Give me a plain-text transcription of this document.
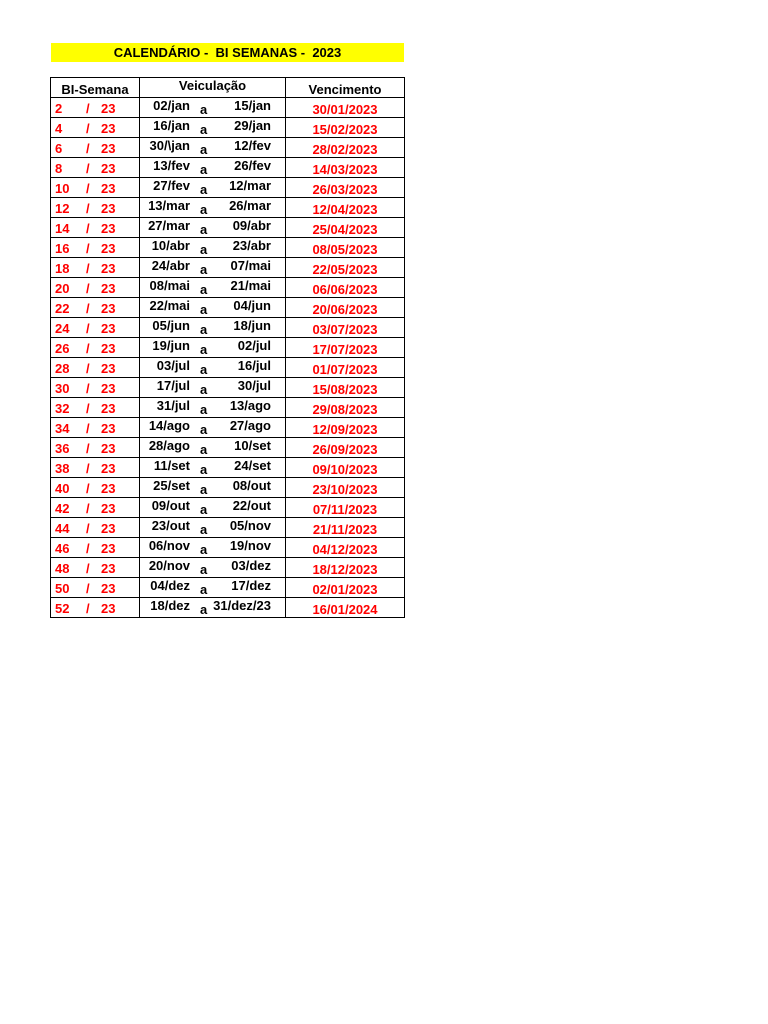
CALENDÁRIO -  BI SEMANAS -  2023
BI-Semana	Veiculação	Vencimento

2 / 23	02/jan a 15/jan	30/01/2023

4 / 23	16/jan a 29/jan	15/02/2023

6 / 23	30/\jan a 12/fev	28/02/2023

8 / 23	13/fev a 26/fev	14/03/2023

10 / 23	27/fev a 12/mar	26/03/2023

12 / 23	13/mar a 26/mar	12/04/2023

14 / 23	27/mar a 09/abr	25/04/2023

16 / 23	10/abr a 23/abr	08/05/2023

18 / 23	24/abr a 07/mai	22/05/2023

20 / 23	08/mai a 21/mai	06/06/2023

22 / 23	22/mai a 04/jun	20/06/2023

24 / 23	05/jun a 18/jun	03/07/2023

26 / 23	19/jun a 02/jul	17/07/2023

28 / 23	03/jul a 16/jul	01/07/2023

30 / 23	17/jul a 30/jul	15/08/2023

32 / 23	31/jul a 13/ago	29/08/2023

34 / 23	14/ago a 27/ago	12/09/2023

36 / 23	28/ago a 10/set	26/09/2023

38 / 23	11/set a 24/set	09/10/2023

40 / 23	25/set a 08/out	23/10/2023

42 / 23	09/out a 22/out	07/11/2023

44 / 23	23/out a 05/nov	21/11/2023

46 / 23	06/nov a 19/nov	04/12/2023

48 / 23	20/nov a 03/dez	18/12/2023

50 / 23	04/dez a 17/dez	02/01/2023

52 / 23	18/dez a 31/dez/23	16/01/2024
